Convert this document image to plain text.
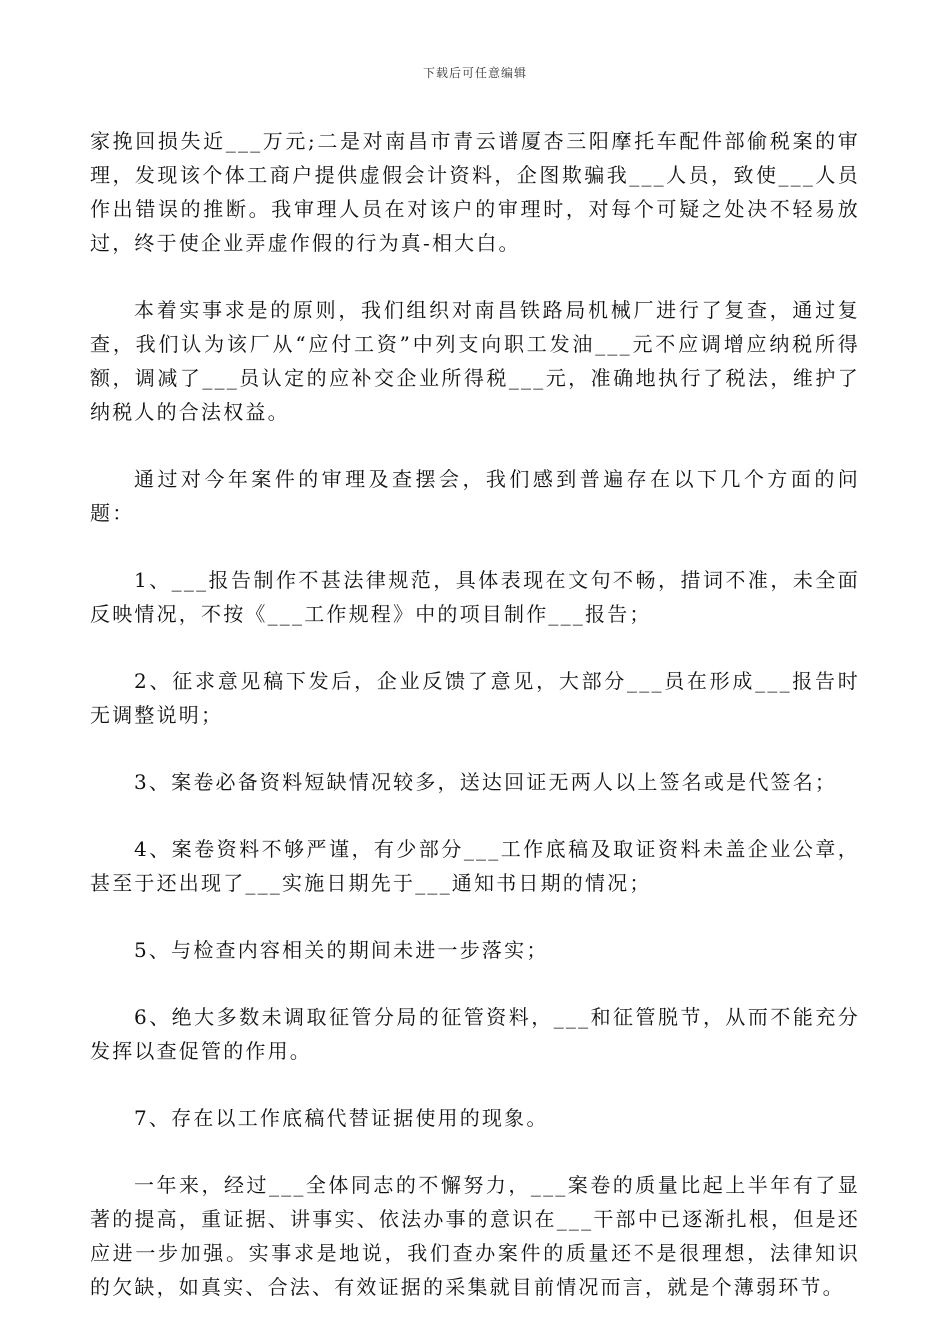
下载后可任意编辑

家挽回损失近___万元;二是对南昌市青云谱厦杏三阳摩托车配件部偷税案的审理，发现该个体工商户提供虚假会计资料，企图欺骗我___人员，致使___人员作出错误的推断。我审理人员在对该户的审理时，对每个可疑之处决不轻易放过，终于使企业弄虚作假的行为真-相大白。

本着实事求是的原则，我们组织对南昌铁路局机械厂进行了复查，通过复查，我们认为该厂从“应付工资”中列支向职工发油___元不应调增应纳税所得额，调减了___员认定的应补交企业所得税___元，准确地执行了税法，维护了纳税人的合法权益。

通过对今年案件的审理及查摆会，我们感到普遍存在以下几个方面的问题：

1、___报告制作不甚法律规范，具体表现在文句不畅，措词不准，未全面反映情况，不按《___工作规程》中的项目制作___报告；

2、征求意见稿下发后，企业反馈了意见，大部分___员在形成___报告时无调整说明；

3、案卷必备资料短缺情况较多，送达回证无两人以上签名或是代签名；

4、案卷资料不够严谨，有少部分___工作底稿及取证资料未盖企业公章，甚至于还出现了___实施日期先于___通知书日期的情况；

5、与检查内容相关的期间未进一步落实；

6、绝大多数未调取征管分局的征管资料，___和征管脱节，从而不能充分发挥以查促管的作用。

7、存在以工作底稿代替证据使用的现象。

一年来，经过___全体同志的不懈努力，___案卷的质量比起上半年有了显著的提高，重证据、讲事实、依法办事的意识在___干部中已逐渐扎根，但是还应进一步加强。实事求是地说，我们查办案件的质量还不是很理想，法律知识的欠缺，如真实、合法、有效证据的采集就目前情况而言，就是个薄弱环节。
